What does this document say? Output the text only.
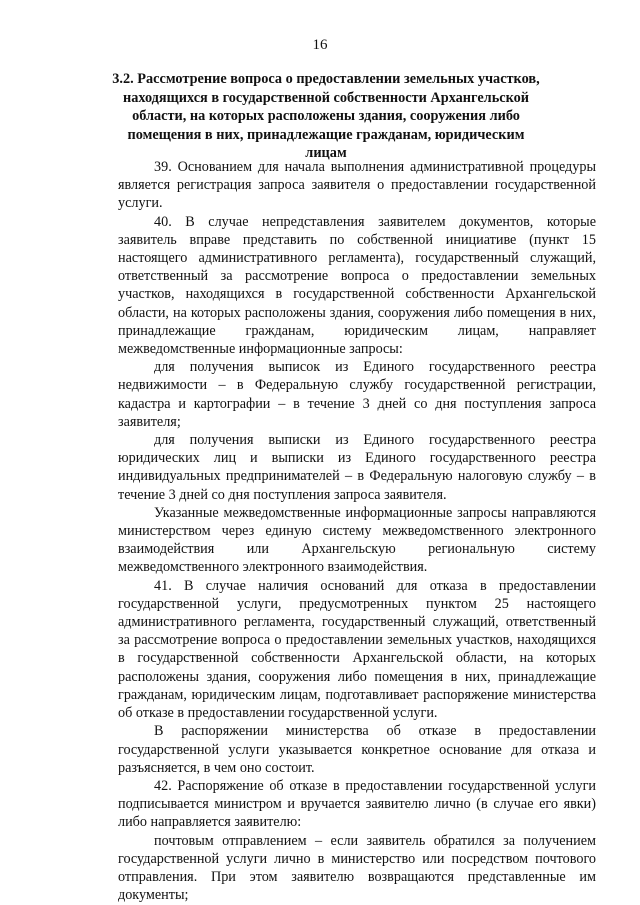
16
3.2. Рассмотрение вопроса о предоставлении земельных участков, находящихся в государственной собственности Архангельской области, на которых расположены здания, сооружения либо помещения в них, принадлежащие гражданам, юридическим лицам

39. Основанием для начала выполнения административной процедуры является регистрация запроса заявителя о предоставлении государственной услуги.

40. В случае непредставления заявителем документов, которые заявитель вправе представить по собственной инициативе (пункт 15 настоящего административного регламента), государственный служащий, ответственный за рассмотрение вопроса о предоставлении земельных участков, находящихся в государственной собственности Архангельской области, на которых расположены здания, сооружения либо помещения в них, принадлежащие гражданам, юридическим лицам, направляет межведомственные информационные запросы:

для получения выписок из Единого государственного реестра недвижимости – в Федеральную службу государственной регистрации, кадастра и картографии – в течение 3 дней со дня поступления запроса заявителя;

для получения выписки из Единого государственного реестра юридических лиц и выписки из Единого государственного реестра индивидуальных предпринимателей – в Федеральную налоговую службу – в течение 3 дней со дня поступления запроса заявителя.

Указанные межведомственные информационные запросы направляются министерством через единую систему межведомственного электронного взаимодействия или Архангельскую региональную систему межведомственного электронного взаимодействия.

41. В случае наличия оснований для отказа в предоставлении государственной услуги, предусмотренных пунктом 25 настоящего административного регламента, государственный служащий, ответственный за рассмотрение вопроса о предоставлении земельных участков, находящихся в государственной собственности Архангельской области, на которых расположены здания, сооружения либо помещения в них, принадлежащие гражданам, юридическим лицам, подготавливает распоряжение министерства об отказе в предоставлении государственной услуги.

В распоряжении министерства об отказе в предоставлении государственной услуги указывается конкретное основание для отказа и разъясняется, в чем оно состоит.

42. Распоряжение об отказе в предоставлении государственной услуги подписывается министром и вручается заявителю лично (в случае его явки) либо направляется заявителю:

почтовым отправлением – если заявитель обратился за получением государственной услуги лично в министерство или посредством почтового отправления. При этом заявителю возвращаются представленные им документы;
